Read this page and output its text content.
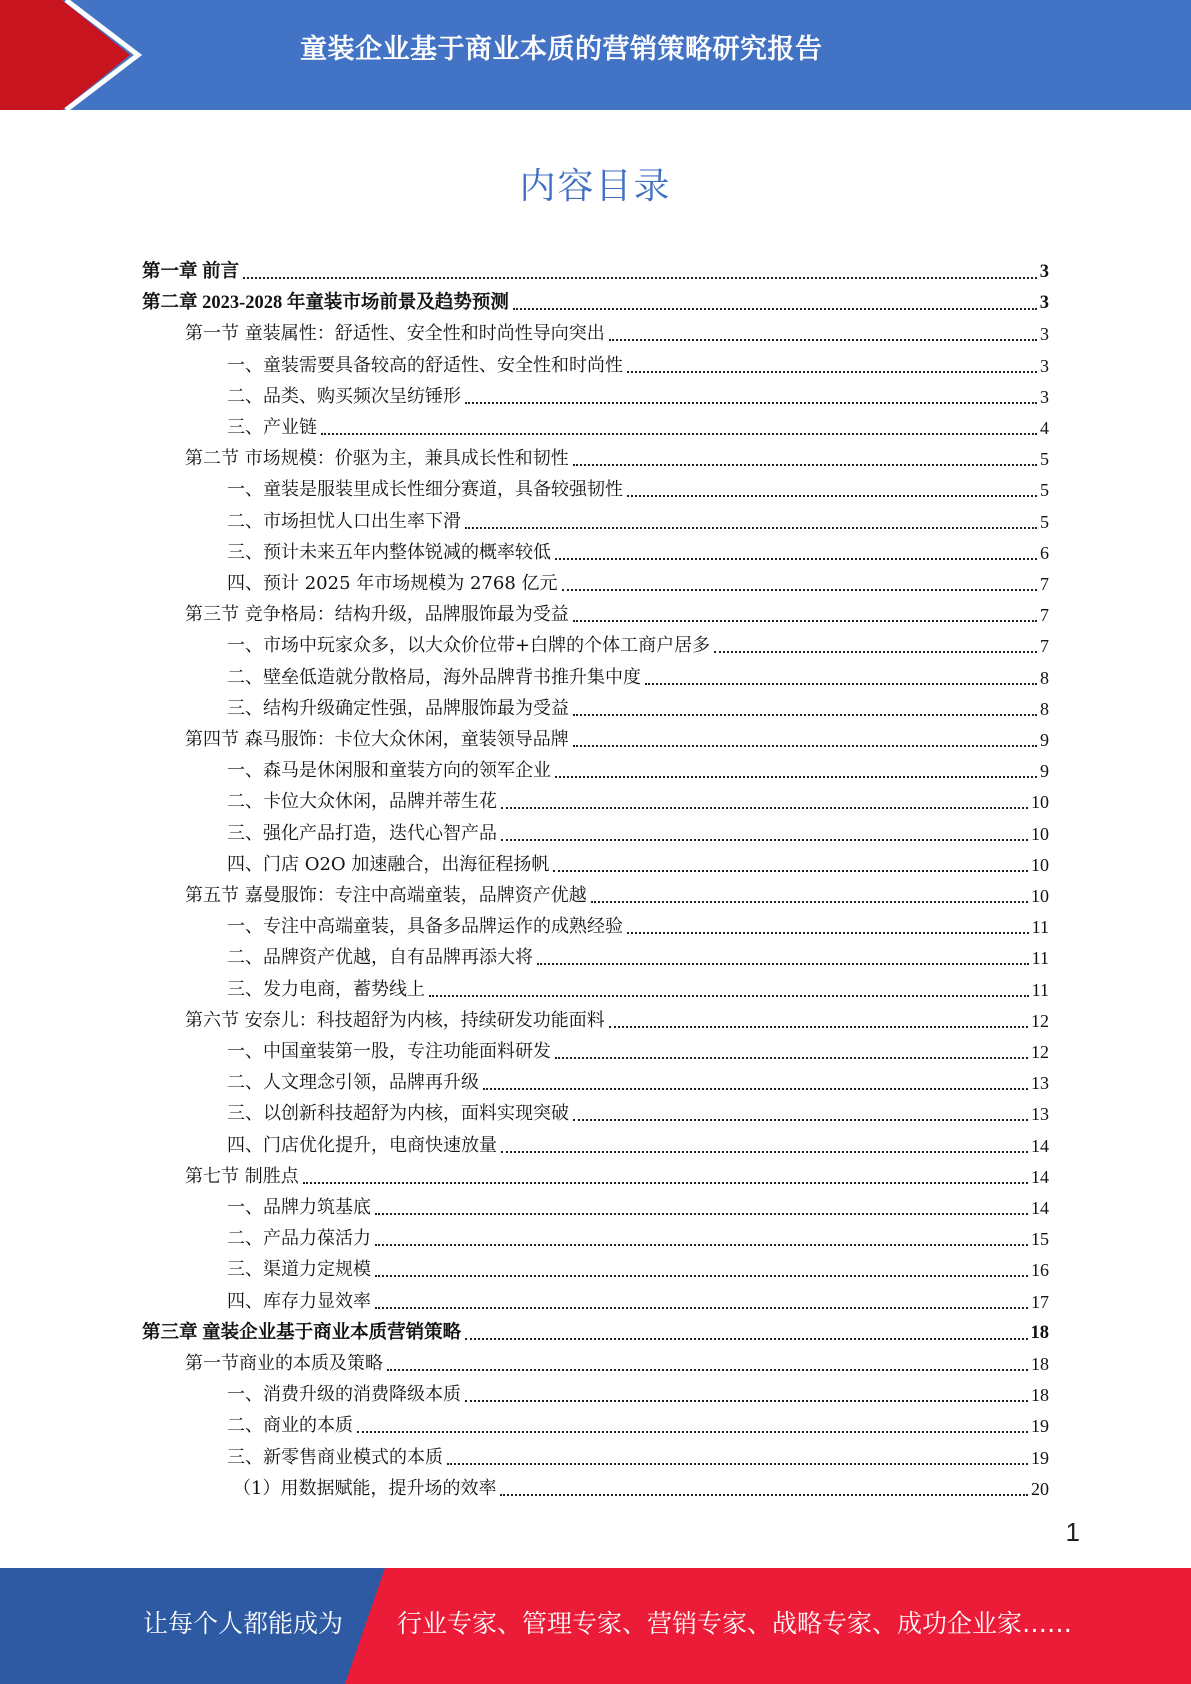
童装企业基于商业本质的营销策略研究报告
内容目录
第一章 前言	3
第二章 2023-2028 年童装市场前景及趋势预测	3
第一节 童装属性：舒适性、安全性和时尚性导向突出	3
一、童装需要具备较高的舒适性、安全性和时尚性	3
二、品类、购买频次呈纺锤形	3
三、产业链	4
第二节 市场规模：价驱为主，兼具成长性和韧性	5
一、童装是服装里成长性细分赛道，具备较强韧性	5
二、市场担忧人口出生率下滑	5
三、预计未来五年内整体锐减的概率较低	6
四、预计 2025 年市场规模为 2768 亿元	7
第三节 竞争格局：结构升级，品牌服饰最为受益	7
一、市场中玩家众多，以大众价位带+白牌的个体工商户居多	7
二、壁垒低造就分散格局，海外品牌背书推升集中度	8
三、结构升级确定性强，品牌服饰最为受益	8
第四节 森马服饰：卡位大众休闲，童装领导品牌	9
一、森马是休闲服和童装方向的领军企业	9
二、卡位大众休闲，品牌并蒂生花	10
三、强化产品打造，迭代心智产品	10
四、门店 O2O 加速融合，出海征程扬帆	10
第五节 嘉曼服饰：专注中高端童装，品牌资产优越	10
一、专注中高端童装，具备多品牌运作的成熟经验	11
二、品牌资产优越，自有品牌再添大将	11
三、发力电商，蓄势线上	11
第六节 安奈儿：科技超舒为内核，持续研发功能面料	12
一、中国童装第一股，专注功能面料研发	12
二、人文理念引领，品牌再升级	13
三、以创新科技超舒为内核，面料实现突破	13
四、门店优化提升，电商快速放量	14
第七节 制胜点	14
一、品牌力筑基底	14
二、产品力葆活力	15
三、渠道力定规模	16
四、库存力显效率	17
第三章 童装企业基于商业本质营销策略	18
第一节商业的本质及策略	18
一、消费升级的消费降级本质	18
二、商业的本质	19
三、新零售商业模式的本质	19
（1）用数据赋能，提升场的效率	20
1
让每个人都能成为 行业专家、管理专家、营销专家、战略专家、成功企业家……
